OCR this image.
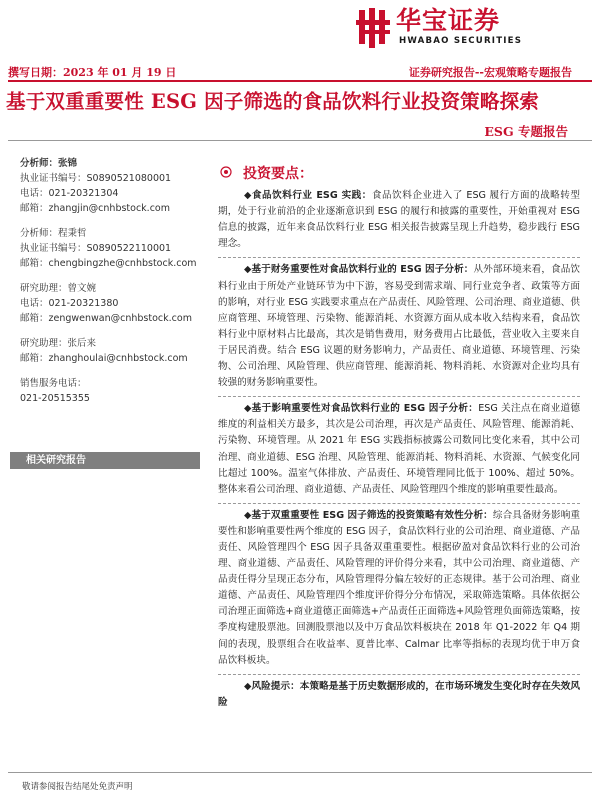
华宝证券
HWABAO SECURITIES
撰写日期：2023 年 01 月 19 日	证券研究报告--宏观策略专题报告
基于双重重要性 ESG 因子筛选的食品饮料行业投资策略探索
ESG 专题报告
分析师：张锦
执业证书编号：S0890521080001
电话：021-20321304
邮箱：zhangjin@cnhbstock.com
分析师：程秉哲
执业证书编号：S0890522110001
邮箱：chengbingzhe@cnhbstock.com
研究助理：曾文婉
电话：021-20321380
邮箱：zengwenwan@cnhbstock.com
研究助理：张后来
邮箱：zhanghoulai@cnhbstock.com
销售服务电话：
021-20515355
相关研究报告
投资要点：

◆食品饮料行业 ESG 实践：食品饮料企业进入了 ESG 履行方面的战略转型期，处于行业前沿的企业逐渐意识到 ESG 的履行和披露的重要性，开始重视对 ESG 信息的披露，近年来食品饮料行业 ESG 相关报告披露呈现上升趋势，稳步践行 ESG 理念。

◆基于财务重要性对食品饮料行业的 ESG 因子分析：从外部环境来看，食品饮料行业由于所处产业链环节为中下游，容易受到需求端、同行业竞争者、政策等方面的影响，对行业 ESG 实践要求重点在产品责任、风险管理、公司治理、商业道德、供应商管理、环境管理、污染物、能源消耗、水资源方面从成本收入结构来看，食品饮料行业中原材料占比最高，其次是销售费用，财务费用占比最低，营业收入主要来自于居民消费。结合 ESG 议题的财务影响力，产品责任、商业道德、环境管理、污染物、公司治理、风险管理、供应商管理、能源消耗、物料消耗、水资源对企业均具有较强的财务影响重要性。

◆基于影响重要性对食品饮料行业的 ESG 因子分析：ESG 关注点在商业道德维度的利益相关方最多，其次是公司治理，再次是产品责任、风险管理、能源消耗、污染物、环境管理。从 2021 年 ESG 实践指标披露公司数同比变化来看，其中公司治理、商业道德、ESG 治理、风险管理、能源消耗、物料消耗、水资源、气候变化同比超过 100%。温室气体排放、产品责任、环境管理同比低于 100%、超过 50%。整体来看公司治理、商业道德、产品责任、风险管理四个维度的影响重要性最高。

◆基于双重重要性 ESG 因子筛选的投资策略有效性分析：综合具备财务影响重要性和影响重要性两个维度的 ESG 因子，食品饮料行业的公司治理、商业道德、产品责任、风险管理四个 ESG 因子具备双重重要性。根据矽盈对食品饮料行业的公司治理、商业道德、产品责任、风险管理的评价得分来看，其中公司治理、商业道德、产品责任得分呈现正态分布，风险管理得分偏左较好的正态规律。基于公司治理、商业道德、产品责任、风险管理四个维度评价得分分布情况，采取筛选策略。具体依据公司治理正面筛选+商业道德正面筛选+产品责任正面筛选+风险管理负面筛选策略，按季度构建股票池。回测股票池以及中万食品饮料板块在 2018 年 Q1-2022 年 Q4 期间的表现，股票组合在收益率、夏普比率、Calmar 比率等指标的表现均优于申万食品饮料板块。

◆风险提示：本策略是基于历史数据形成的，在市场环境发生变化时存在失效风险

敬请参阅报告结尾处免责声明
